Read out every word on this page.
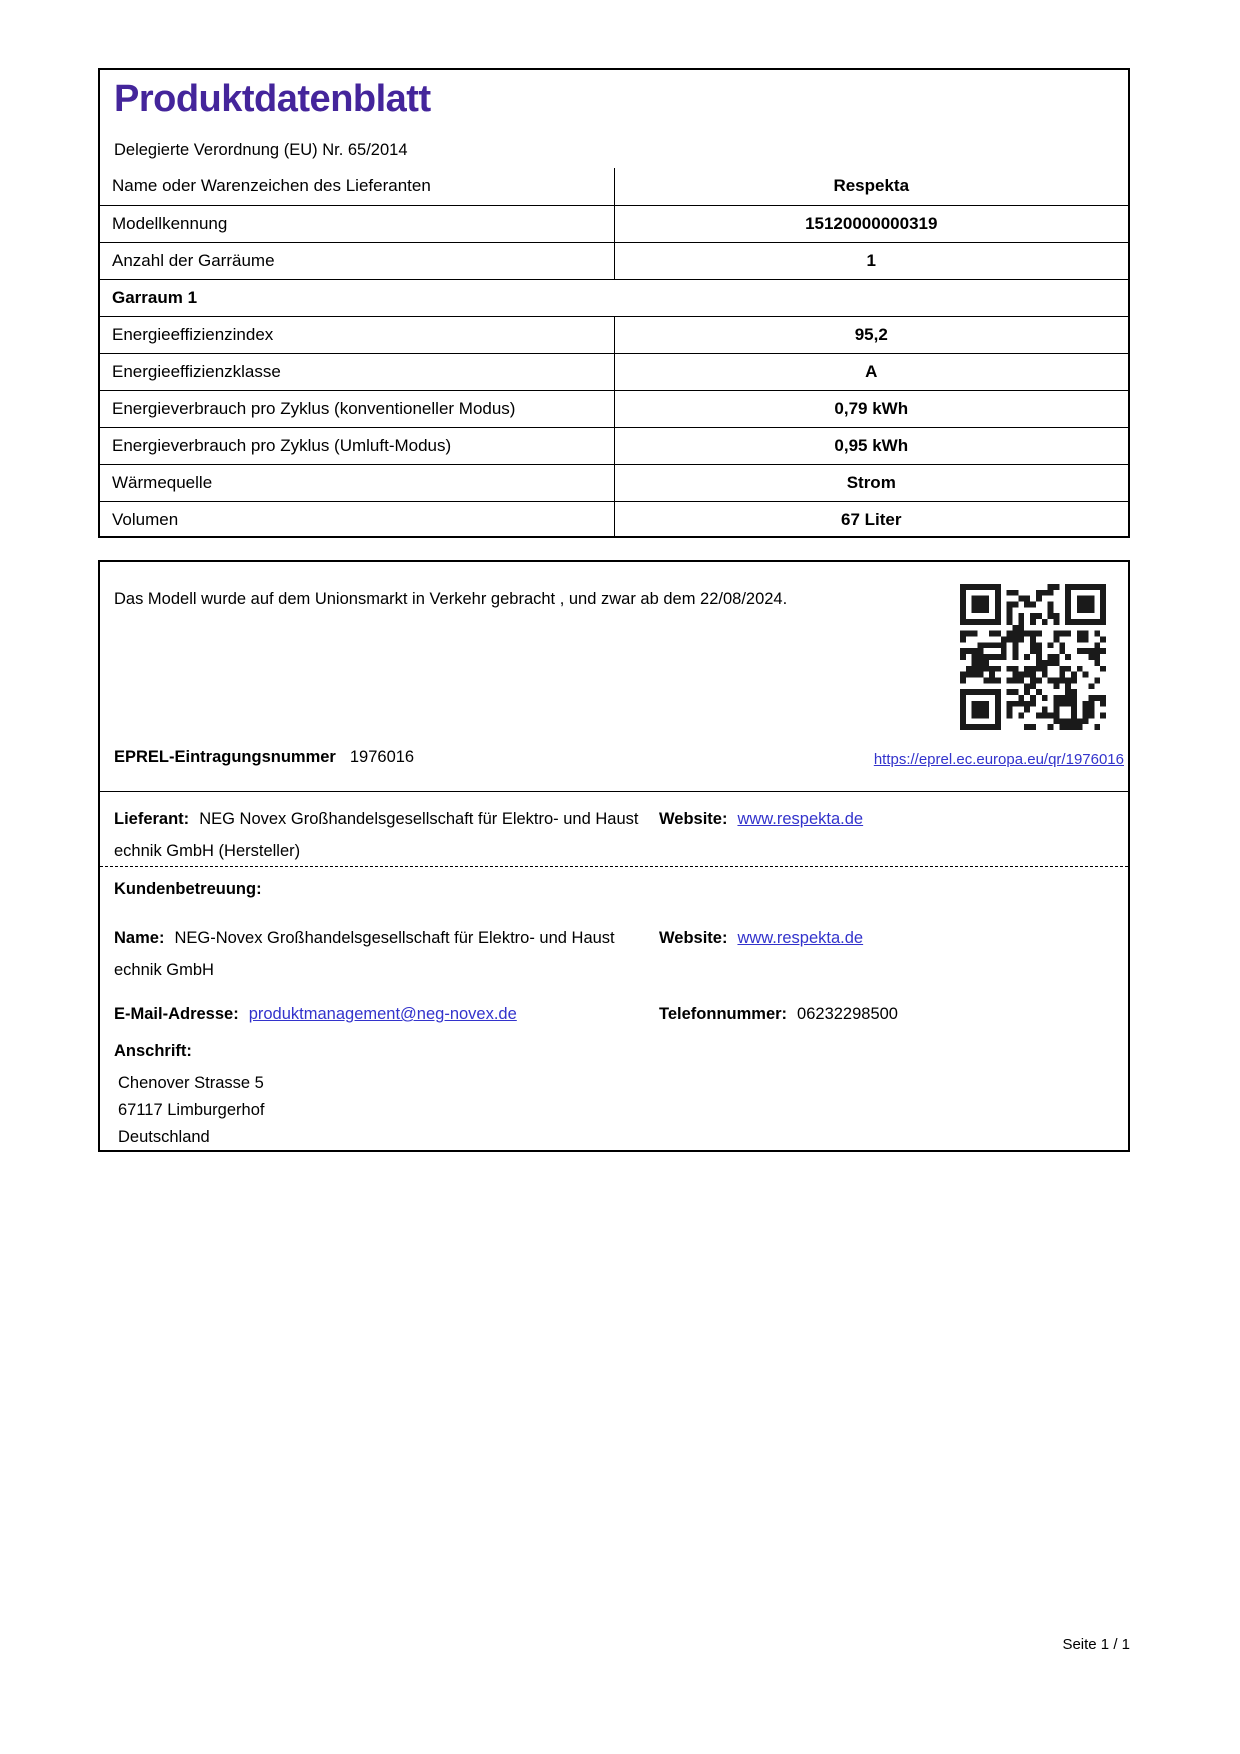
Produktdatenblatt
Delegierte Verordnung (EU) Nr. 65/2014
Name oder Warenzeichen des Lieferanten	Respekta
Modellkennung	15120000000319
Anzahl der Garräume	1
Garraum 1	
Energieeffizienzindex	95,2
Energieeffizienzklasse	A
Energieverbrauch pro Zyklus (konventioneller Modus)	0,79 kWh
Energieverbrauch pro Zyklus (Umluft-Modus)	0,95 kWh
Wärmequelle	Strom
Volumen	67 Liter
Das Modell wurde auf dem Unionsmarkt in Verkehr gebracht , und zwar ab dem 22/08/2024.
EPREL-Eintragungsnummer 1976016	https://eprel.ec.europa.eu/qr/1976016
Lieferant: NEG Novex Großhandelsgesellschaft für Elektro- und Haust
echnik GmbH (Hersteller)
Website: www.respekta.de
Kundenbetreuung:
Name: NEG-Novex Großhandelsgesellschaft für Elektro- und Haust
echnik GmbH
Website: www.respekta.de
E-Mail-Adresse: produktmanagement@neg-novex.de	Telefonnummer: 06232298500
Anschrift:
Chenover Strasse 5
67117 Limburgerhof
Deutschland
Seite 1 / 1
